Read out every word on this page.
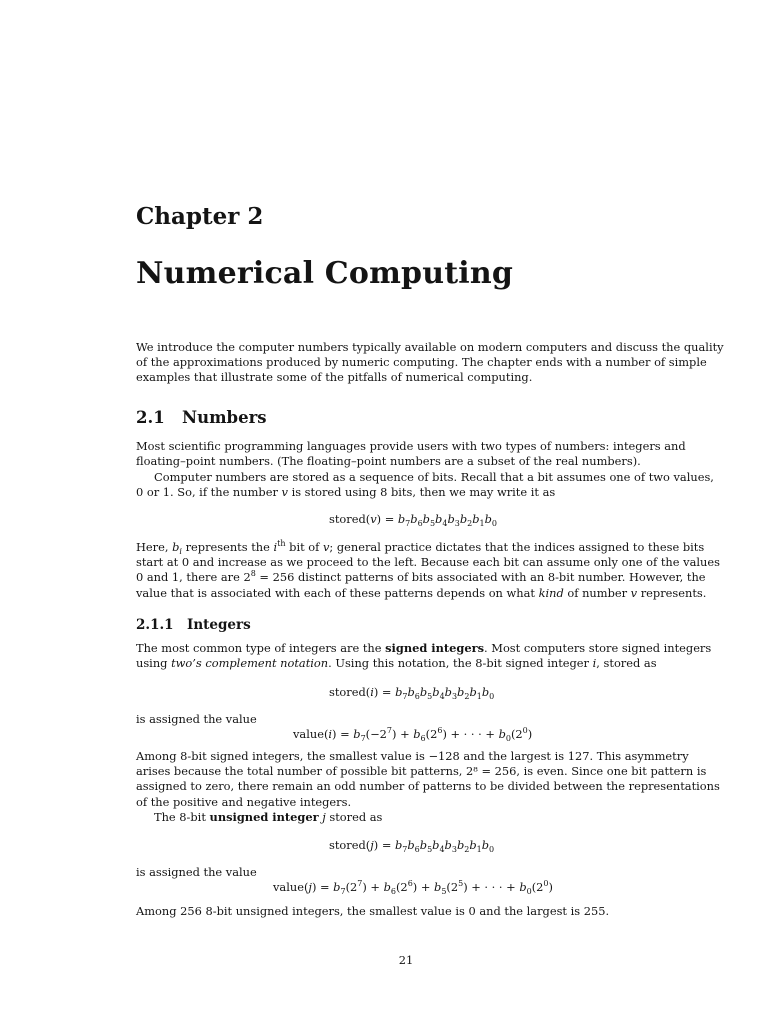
Chapter 2
Numerical Computing
We introduce the computer numbers typically available on modern computers and discuss the quality
of the approximations produced by numeric computing. The chapter ends with a number of simple
examples that illustrate some of the pitfalls of numerical computing.
2.1 Numbers
Most scientific programming languages provide users with two types of numbers: integers and
floating–point numbers. (The floating–point numbers are a subset of the real numbers).
Computer numbers are stored as a sequence of bits. Recall that a bit assumes one of two values,
0 or 1. So, if the number v is stored using 8 bits, then we may write it as
stored(v) = $b_7b_6b_5b_4b_3b_2b_1b_0$
Here, $b_i$ represents the $i^{th}$ bit of v; general practice dictates that the indices assigned to these bits
start at 0 and increase as we proceed to the left. Because each bit can assume only one of the values
0 and 1, there are $2^8 = 256$ distinct patterns of bits associated with an 8-bit number. However, the
value that is associated with each of these patterns depends on what kind of number v represents.
2.1.1 Integers
The most common type of integers are the signed integers. Most computers store signed integers
using two’s complement notation. Using this notation, the 8-bit signed integer i, stored as
stored(i) = $b_7b_6b_5b_4b_3b_2b_1b_0$
is assigned the value
value(i) = $b_7(-2^7) + b_6(2^6)$ + · · · + $b_0(2^0)$
Among 8-bit signed integers, the smallest value is −128 and the largest is 127. This asymmetry
arises because the total number of possible bit patterns, 2⁸ = 256, is even. Since one bit pattern is
assigned to zero, there remain an odd number of patterns to be divided between the representations
of the positive and negative integers.
The 8-bit unsigned integer j stored as
stored(j) = $b_7b_6b_5b_4b_3b_2b_1b_0$
is assigned the value
value(j) = $b_7(2^7) + b_6(2^6) + b_5(2^5)$ + · · · + $b_0(2^0)$
Among 256 8-bit unsigned integers, the smallest value is 0 and the largest is 255.
21
